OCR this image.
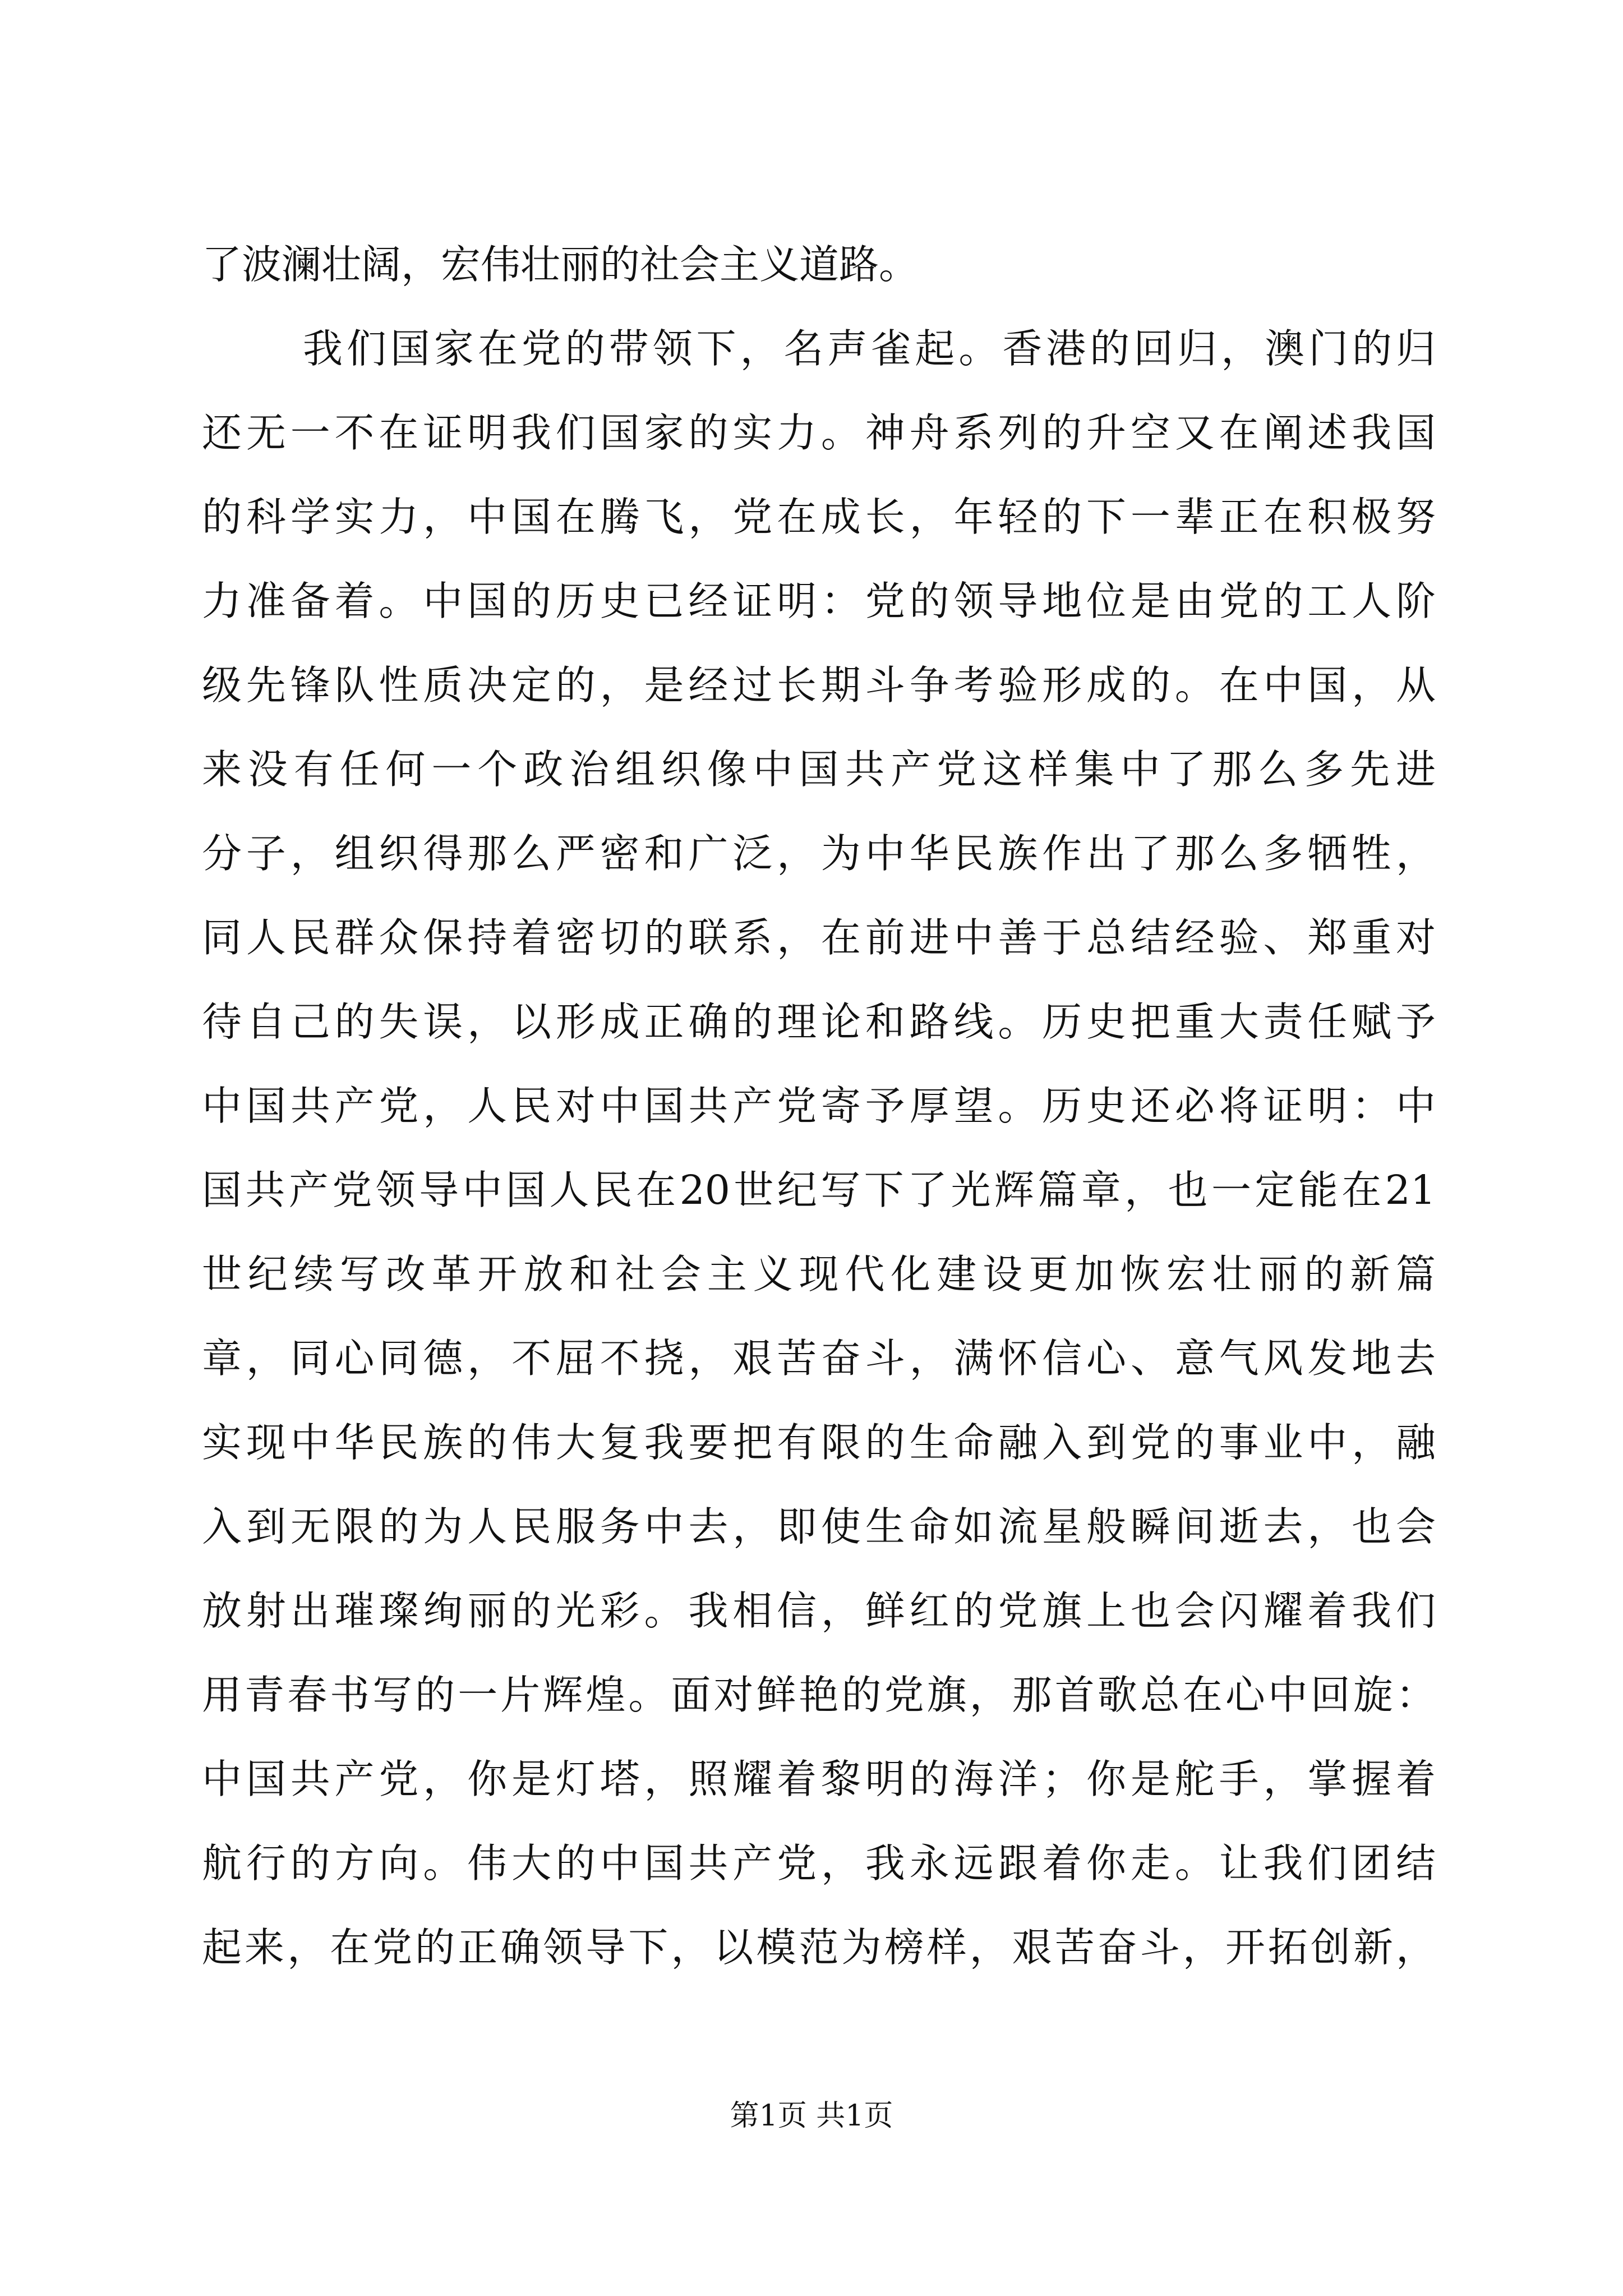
了波澜壮阔，宏伟壮丽的社会主义道路。
我们国家在党的带领下，名声雀起。香港的回归，澳门的归
还无一不在证明我们国家的实力。神舟系列的升空又在阐述我国
的科学实力，中国在腾飞，党在成长，年轻的下一辈正在积极努
力准备着。中国的历史已经证明：党的领导地位是由党的工人阶
级先锋队性质决定的，是经过长期斗争考验形成的。在中国，从
来没有任何一个政治组织像中国共产党这样集中了那么多先进
分子，组织得那么严密和广泛，为中华民族作出了那么多牺牲，
同人民群众保持着密切的联系，在前进中善于总结经验、郑重对
待自己的失误，以形成正确的理论和路线。历史把重大责任赋予
中国共产党，人民对中国共产党寄予厚望。历史还必将证明：中
国共产党领导中国人民在20世纪写下了光辉篇章，也一定能在21
世纪续写改革开放和社会主义现代化建设更加恢宏壮丽的新篇
章，同心同德，不屈不挠，艰苦奋斗，满怀信心、意气风发地去
实现中华民族的伟大复我要把有限的生命融入到党的事业中，融
入到无限的为人民服务中去，即使生命如流星般瞬间逝去，也会
放射出璀璨绚丽的光彩。我相信，鲜红的党旗上也会闪耀着我们
用青春书写的一片辉煌。面对鲜艳的党旗，那首歌总在心中回旋：
中国共产党，你是灯塔，照耀着黎明的海洋；你是舵手，掌握着
航行的方向。伟大的中国共产党，我永远跟着你走。让我们团结
起来，在党的正确领导下，以模范为榜样，艰苦奋斗，开拓创新，
第1页 共1页
